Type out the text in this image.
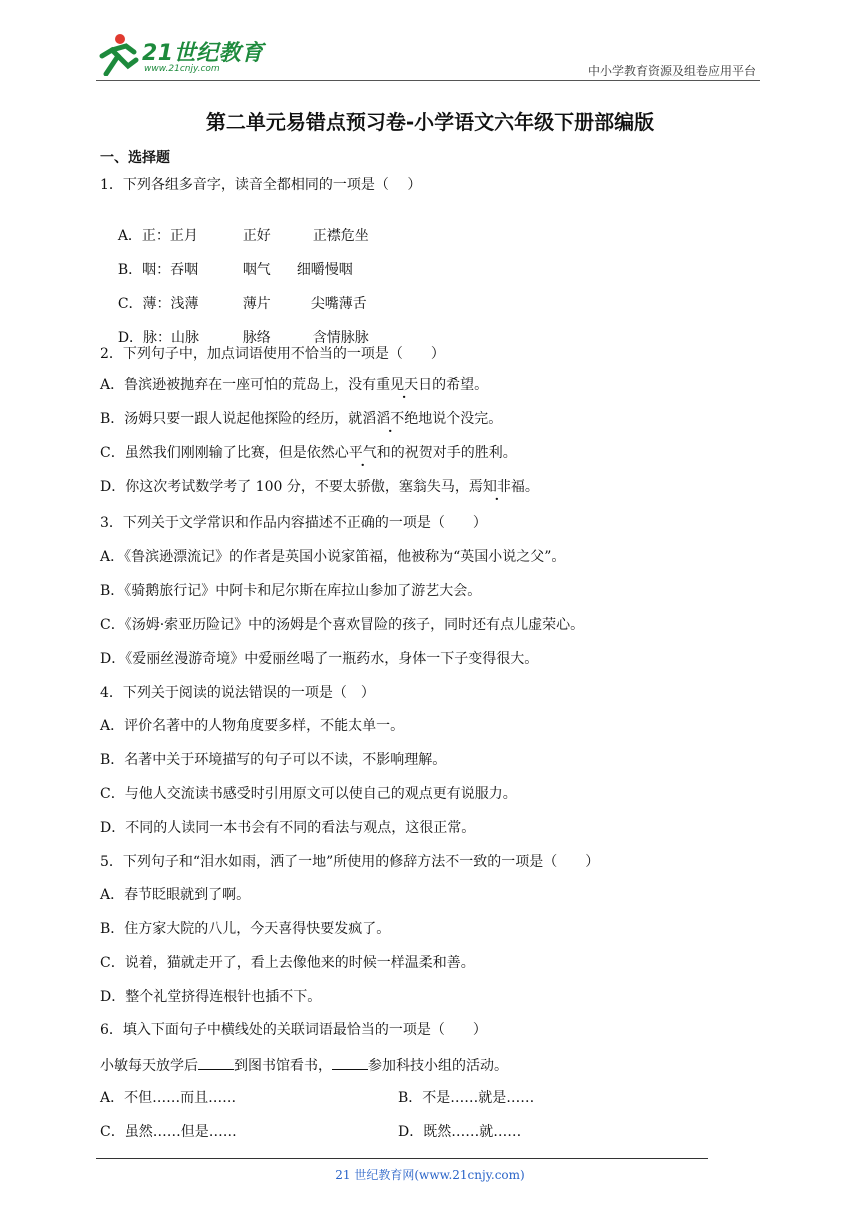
21世纪教育
www.21cnjy.com	中小学教育资源及组卷应用平台
第二单元易错点预习卷-小学语文六年级下册部编版
一、选择题
1．下列各组多音字，读音全都相同的一项是（　 ）

A．正：正月	正好	正襟危坐

B．咽：吞咽	咽气 细嚼慢咽

C．薄：浅薄	薄片	尖嘴薄舌

D．脉：山脉	脉络	含情脉脉

2．下列句子中，加点词语使用不恰当的一项是（　　）
A．鲁滨逊被抛弃在一座可怕的荒岛上，没有重见天日的希望。
B．汤姆只要一跟人说起他探险的经历，就滔滔不绝地说个没完。
C．虽然我们刚刚输了比赛，但是依然心平气和的祝贺对手的胜利。
D．你这次考试数学考了 100 分，不要太骄傲，塞翁失马，焉知非福。
3．下列关于文学常识和作品内容描述不正确的一项是（　　）
A．《鲁滨逊漂流记》的作者是英国小说家笛福，他被称为“英国小说之父”。
B．《骑鹅旅行记》中阿卡和尼尔斯在库拉山参加了游艺大会。
C．《汤姆·索亚历险记》中的汤姆是个喜欢冒险的孩子，同时还有点儿虚荣心。
D．《爱丽丝漫游奇境》中爱丽丝喝了一瓶药水，身体一下子变得很大。
4．下列关于阅读的说法错误的一项是（　）
A．评价名著中的人物角度要多样，不能太单一。
B．名著中关于环境描写的句子可以不读，不影响理解。
C．与他人交流读书感受时引用原文可以使自己的观点更有说服力。
D．不同的人读同一本书会有不同的看法与观点，这很正常。
5．下列句子和“泪水如雨，洒了一地”所使用的修辞方法不一致的一项是（　　）
A．春节眨眼就到了啊。
B．住方家大院的八儿，今天喜得快要发疯了。
C．说着，猫就走开了，看上去像他来的时候一样温柔和善。
D．整个礼堂挤得连根针也插不下。
6．填入下面句子中横线处的关联词语最恰当的一项是（　　）
小敏每天放学后	到图书馆看书，	参加科技小组的活动。
A．不但……而且……	B．不是……就是……
C．虽然……但是……	D．既然……就……
21 世纪教育网(www.21cnjy.com)
